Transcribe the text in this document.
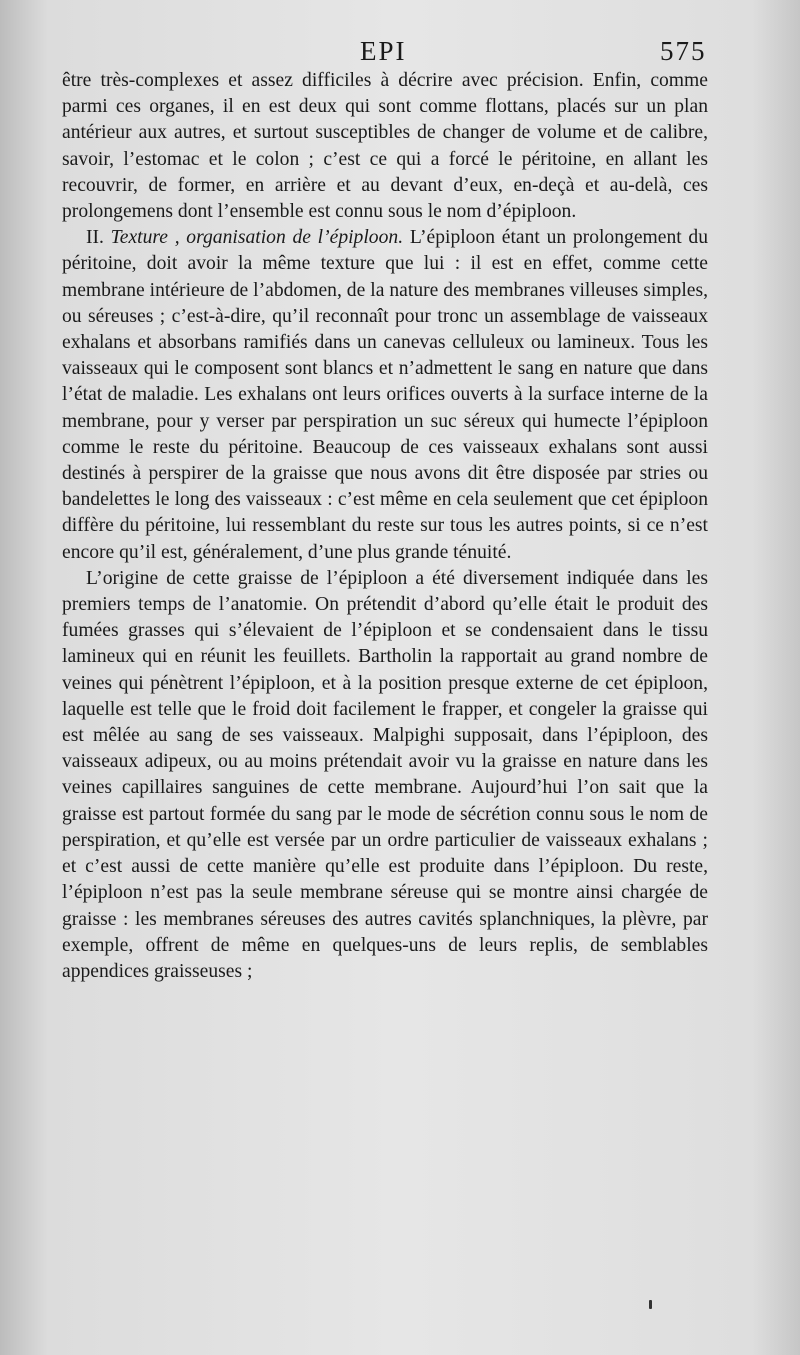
EPI	575

être très-complexes et assez difficiles à décrire avec précision. Enfin, comme parmi ces organes, il en est deux qui sont comme flottans, placés sur un plan antérieur aux autres, et surtout susceptibles de changer de volume et de calibre, savoir, l’estomac et le colon ; c’est ce qui a forcé le péritoine, en allant les recouvrir, de former, en arrière et au devant d’eux, en-deçà et au-delà, ces prolongemens dont l’ensemble est connu sous le nom d’épiploon.

II. Texture , organisation de l’épiploon. L’épiploon étant un prolongement du péritoine, doit avoir la même texture que lui : il est en effet, comme cette membrane intérieure de l’abdomen, de la nature des membranes villeuses simples, ou séreuses ; c’est-à-dire, qu’il reconnaît pour tronc un assemblage de vaisseaux exhalans et absorbans ramifiés dans un canevas celluleux ou lamineux. Tous les vaisseaux qui le composent sont blancs et n’admettent le sang en nature que dans l’état de maladie. Les exhalans ont leurs orifices ouverts à la surface interne de la membrane, pour y verser par perspiration un suc séreux qui humecte l’épiploon comme le reste du péritoine. Beaucoup de ces vaisseaux exhalans sont aussi destinés à perspirer de la graisse que nous avons dit être disposée par stries ou bandelettes le long des vaisseaux : c’est même en cela seulement que cet épiploon diffère du péritoine, lui ressemblant du reste sur tous les autres points, si ce n’est encore qu’il est, généralement, d’une plus grande ténuité.

L’origine de cette graisse de l’épiploon a été diversement indiquée dans les premiers temps de l’anatomie. On prétendit d’abord qu’elle était le produit des fumées grasses qui s’élevaient de l’épiploon et se condensaient dans le tissu lamineux qui en réunit les feuillets. Bartholin la rapportait au grand nombre de veines qui pénètrent l’épiploon, et à la position presque externe de cet épiploon, laquelle est telle que le froid doit facilement le frapper, et congeler la graisse qui est mêlée au sang de ses vaisseaux. Malpighi supposait, dans l’épiploon, des vaisseaux adipeux, ou au moins prétendait avoir vu la graisse en nature dans les veines capillaires sanguines de cette membrane. Aujourd’hui l’on sait que la graisse est partout formée du sang par le mode de sécrétion connu sous le nom de perspiration, et qu’elle est versée par un ordre particulier de vaisseaux exhalans ; et c’est aussi de cette manière qu’elle est produite dans l’épiploon. Du reste, l’épiploon n’est pas la seule membrane séreuse qui se montre ainsi chargée de graisse : les membranes séreuses des autres cavités splanchniques, la plèvre, par exemple, offrent de même en quelques-uns de leurs replis, de semblables appendices graisseuses ;
